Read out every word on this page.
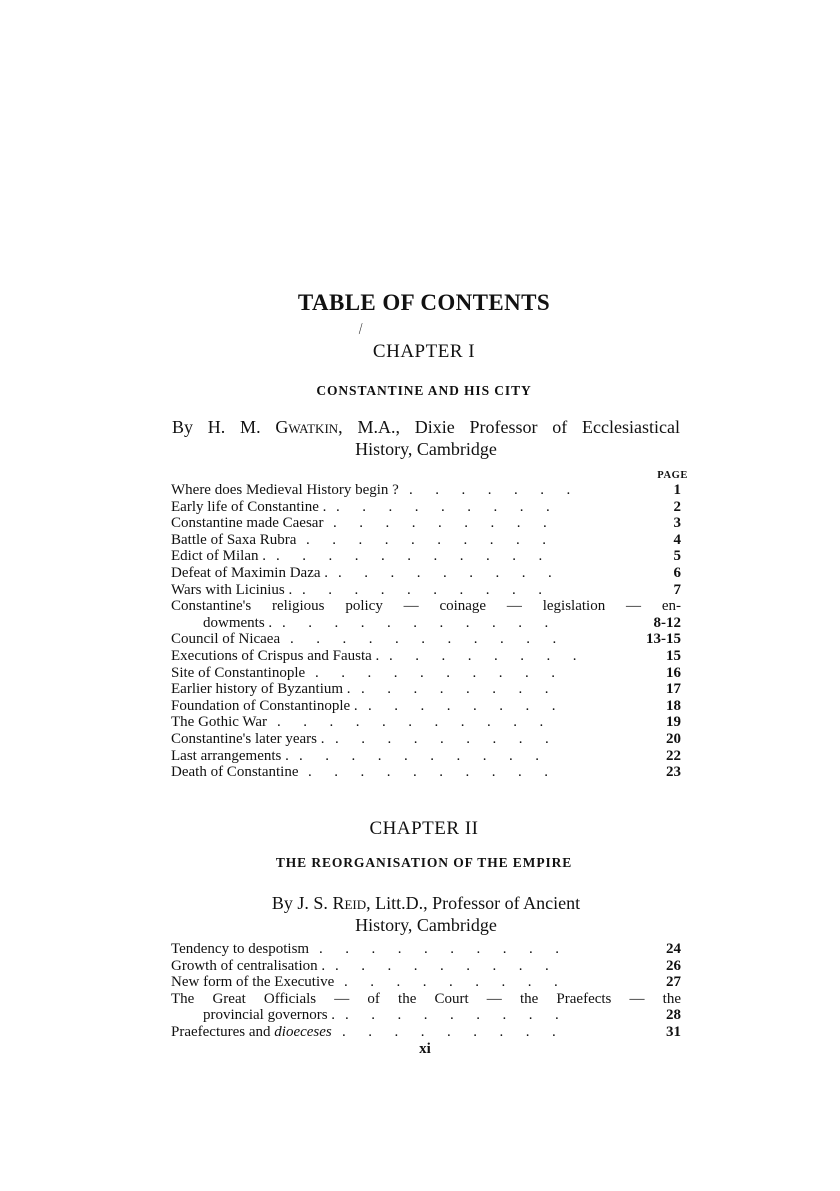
TABLE OF CONTENTS
⁄
CHAPTER I
CONSTANTINE AND HIS CITY
By H. M. Gwatkin, M.A., Dixie Professor of Ecclesiastical
History, Cambridge
PAGE
Where does Medieval History begin ? .      .      .      .      .      .      .	1
Early life of Constantine . .      .      .      .      .      .      .      .      .	2
Constantine made Caesar .      .      .      .      .      .      .      .      .	3
Battle of Saxa Rubra .      .      .      .      .      .      .      .      .      .	4
Edict of Milan . .      .      .      .      .      .      .      .      .      .      .	5
Defeat of Maximin Daza . .      .      .      .      .      .      .      .      .	6
Wars with Licinius . .      .      .      .      .      .      .      .      .      .	7
Constantine's religious policy — coinage — legislation — en-
dowments . .      .      .      .      .      .      .      .      .      .      .	8-12
Council of Nicaea .      .      .      .      .      .      .      .      .      .      .	13-15
Executions of Crispus and Fausta . .      .      .      .      .      .      .      .	15
Site of Constantinople .      .      .      .      .      .      .      .      .      .	16
Earlier history of Byzantium . .      .      .      .      .      .      .      .	17
Foundation of Constantinople . .      .      .      .      .      .      .      .	18
The Gothic War .      .      .      .      .      .      .      .      .      .      .	19
Constantine's later years . .      .      .      .      .      .      .      .      .	20
Last arrangements . .      .      .      .      .      .      .      .      .      .	22
Death of Constantine .      .      .      .      .      .      .      .      .      .	23
CHAPTER II
THE REORGANISATION OF THE EMPIRE
By J. S. Reid, Litt.D., Professor of Ancient
History, Cambridge
Tendency to despotism .      .      .      .      .      .      .      .      .      .	24
Growth of centralisation . .      .      .      .      .      .      .      .      .	26
New form of the Executive .      .      .      .      .      .      .      .      .	27
The Great Officials — of the Court — the Praefects — the
provincial governors . .      .      .      .      .      .      .      .      .	28
Praefectures and dioeceses .      .      .      .      .      .      .      .      .	31
xi
